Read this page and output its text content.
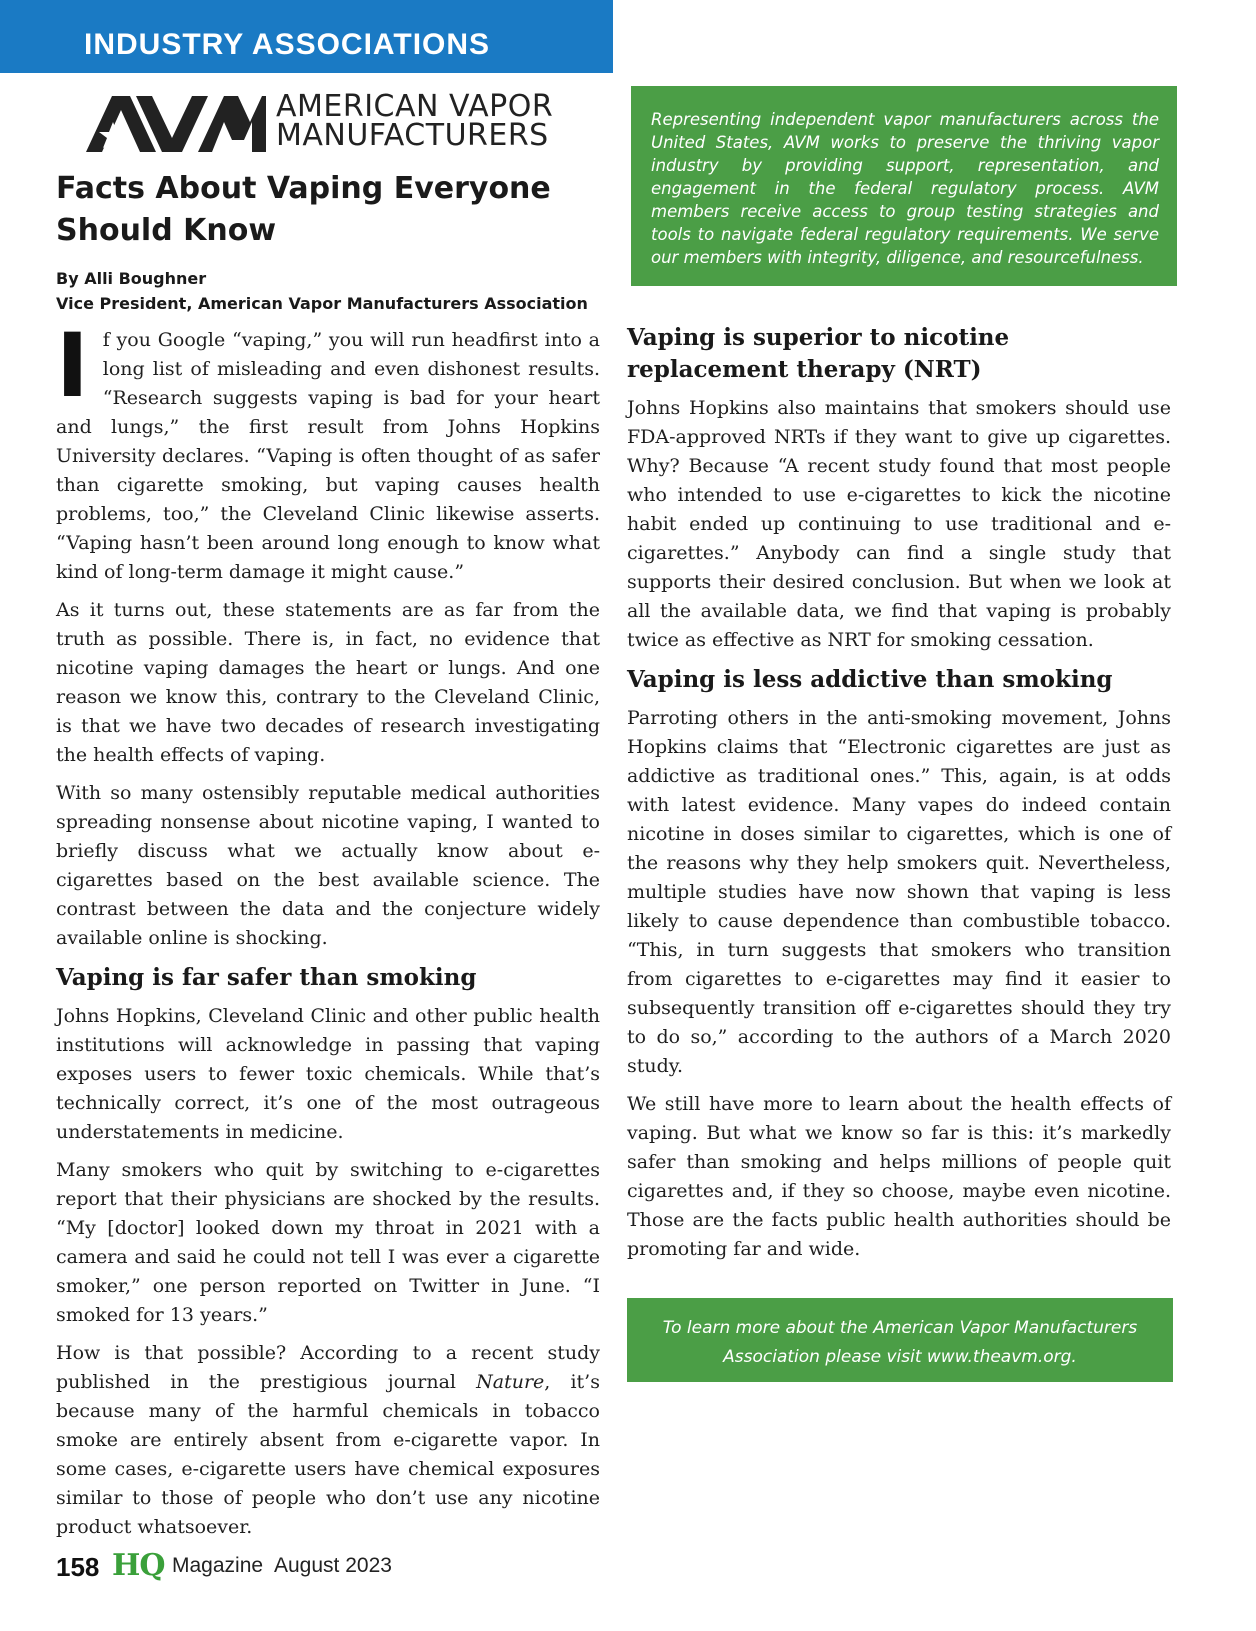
INDUSTRY ASSOCIATIONS
AMERICAN VAPOR
MANUFACTURERS
Facts About Vaping Everyone Should Know
By Alli Boughner
Vice President, American Vapor Manufacturers Association

If you Google “vaping,” you will run headfirst into a long list of misleading and even dishonest results. “Research suggests vaping is bad for your heart and lungs,” the first result from Johns Hopkins University declares. “Vaping is often thought of as safer than cigarette smoking, but vaping causes health problems, too,” the Cleveland Clinic likewise asserts. “Vaping hasn’t been around long enough to know what kind of long-term damage it might cause.”

As it turns out, these statements are as far from the truth as possible. There is, in fact, no evidence that nicotine vaping damages the heart or lungs. And one reason we know this, contrary to the Cleveland Clinic, is that we have two decades of research investigating the health effects of vaping.

With so many ostensibly reputable medical authorities spreading nonsense about nicotine vaping, I wanted to briefly discuss what we actually know about e-cigarettes based on the best available science. The contrast between the data and the conjecture widely available online is shocking.

Vaping is far safer than smoking

Johns Hopkins, Cleveland Clinic and other public health institutions will acknowledge in passing that vaping exposes users to fewer toxic chemicals. While that’s technically correct, it’s one of the most outrageous understatements in medicine.

Many smokers who quit by switching to e-cigarettes report that their physicians are shocked by the results. “My [doctor] looked down my throat in 2021 with a camera and said he could not tell I was ever a cigarette smoker,” one person reported on Twitter in June. “I smoked for 13 years.”

How is that possible? According to a recent study published in the prestigious journal Nature, it’s because many of the harmful chemicals in tobacco smoke are entirely absent from e-cigarette vapor. In some cases, e-cigarette users have chemical exposures similar to those of people who don’t use any nicotine product whatsoever.

Representing independent vapor manufacturers across the United States, AVM works to preserve the thriving vapor industry by providing support, representation, and engagement in the federal regulatory process. AVM members receive access to group testing strategies and tools to navigate federal regulatory requirements. We serve our members with integrity, diligence, and resourcefulness.

Vaping is superior to nicotine replacement therapy (NRT)

Johns Hopkins also maintains that smokers should use FDA-approved NRTs if they want to give up cigarettes. Why? Because “A recent study found that most people who intended to use e-cigarettes to kick the nicotine habit ended up continuing to use traditional and e-cigarettes.” Anybody can find a single study that supports their desired conclusion. But when we look at all the available data, we find that vaping is probably twice as effective as NRT for smoking cessation.

Vaping is less addictive than smoking

Parroting others in the anti-smoking movement, Johns Hopkins claims that “Electronic cigarettes are just as addictive as traditional ones.” This, again, is at odds with latest evidence. Many vapes do indeed contain nicotine in doses similar to cigarettes, which is one of the reasons why they help smokers quit. Nevertheless, multiple studies have now shown that vaping is less likely to cause dependence than combustible tobacco. “This, in turn suggests that smokers who transition from cigarettes to e-cigarettes may find it easier to subsequently transition off e-cigarettes should they try to do so,” according to the authors of a March 2020 study.

We still have more to learn about the health effects of vaping. But what we know so far is this: it’s markedly safer than smoking and helps millions of people quit cigarettes and, if they so choose, maybe even nicotine. Those are the facts public health authorities should be promoting far and wide.

To learn more about the American Vapor Manufacturers Association please visit www.theavm.org.

158 HQ Magazine August 2023
